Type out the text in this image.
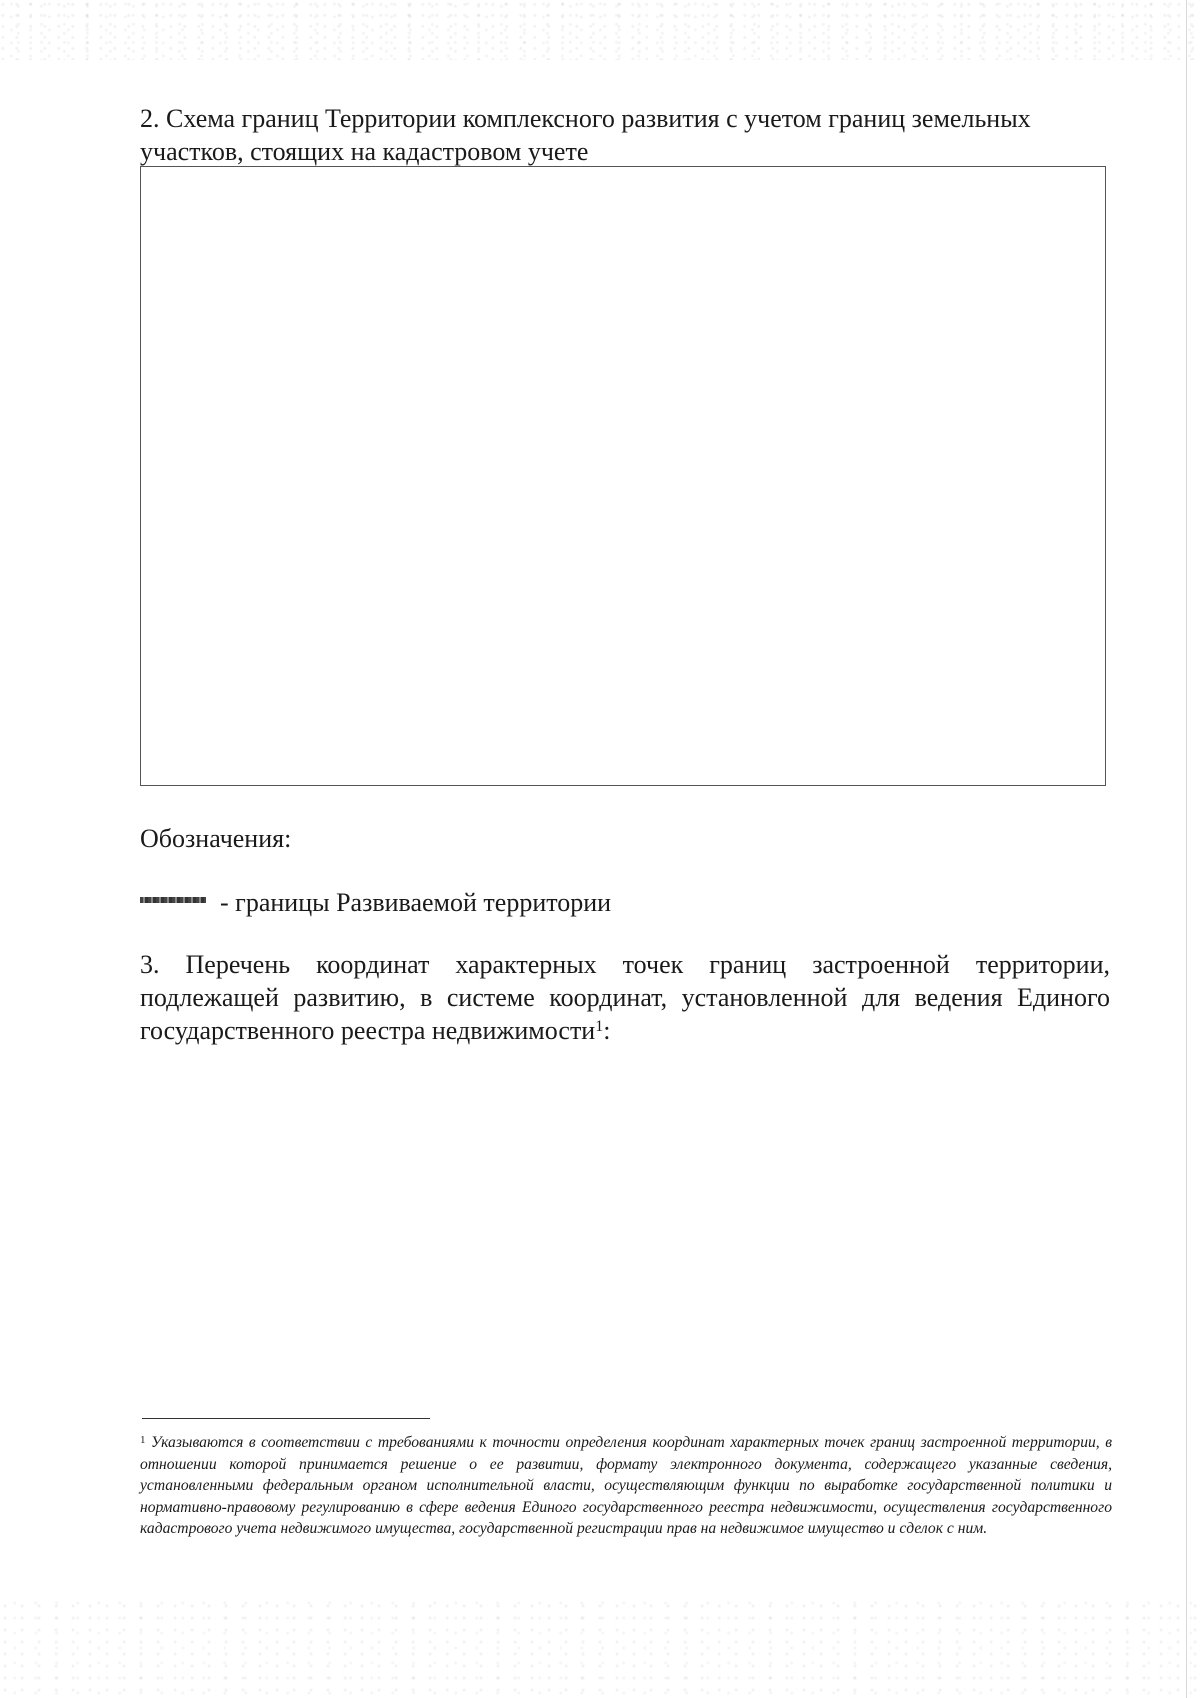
2. Схема границ Территории комплексного развития с учетом границ земельных участков, стоящих на кадастровом учете
Обозначения:
- границы Развиваемой территории
3. Перечень координат характерных точек границ застроенной территории, подлежащей развитию, в системе координат, установленной для ведения Единого государственного реестра недвижимости$^1$:
$^1$ Указываются в соответствии с требованиями к точности определения координат характерных точек границ застроенной территории, в отношении которой принимается решение о ее развитии, формату электронного документа, содержащего указанные сведения, установленными федеральным органом исполнительной власти, осуществляющим функции по выработке государственной политики и нормативно-правовому регулированию в сфере ведения Единого государственного реестра недвижимости, осуществления государственного кадастрового учета недвижимого имущества, государственной регистрации прав на недвижимое имущество и сделок с ним.
